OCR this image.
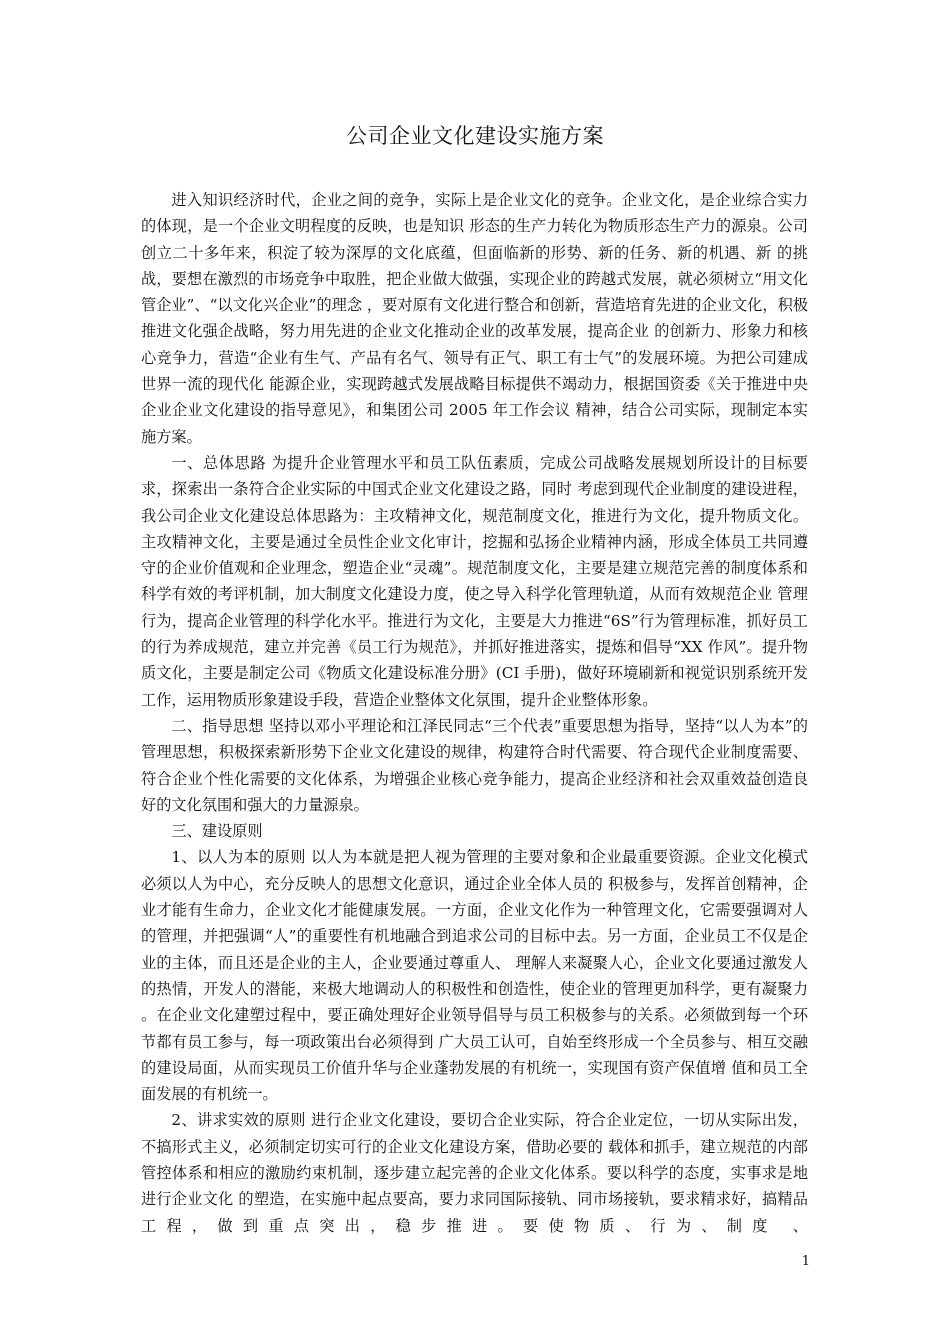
公司企业文化建设实施方案

进入知识经济时代，企业之间的竞争，实际上是企业文化的竞争。企业文化，是企业综合实力的体现，是一个企业文明程度的反映，也是知识 形态的生产力转化为物质形态生产力的源泉。公司创立二十多年来，积淀了较为深厚的文化底蕴，但面临新的形势、新的任务、新的机遇、新 的挑战，要想在激烈的市场竞争中取胜，把企业做大做强，实现企业的跨越式发展，就必须树立“用文化管企业”、“以文化兴企业”的理念 ，要对原有文化进行整合和创新，营造培育先进的企业文化，积极推进文化强企战略，努力用先进的企业文化推动企业的改革发展，提高企业 的创新力、形象力和核心竞争力，营造“企业有生气、产品有名气、领导有正气、职工有士气”的发展环境。为把公司建成世界一流的现代化 能源企业，实现跨越式发展战略目标提供不竭动力，根据国资委《关于推进中央企业企业文化建设的指导意见》，和集团公司 2005 年工作会议 精神，结合公司实际，现制定本实施方案。

一、总体思路 为提升企业管理水平和员工队伍素质，完成公司战略发展规划所设计的目标要求，探索出一条符合企业实际的中国式企业文化建设之路，同时 考虑到现代企业制度的建设进程，我公司企业文化建设总体思路为：主攻精神文化，规范制度文化，推进行为文化，提升物质文化。主攻精神文化，主要是通过全员性企业文化审计，挖掘和弘扬企业精神内涵，形成全体员工共同遵守的企业价值观和企业理念，塑造企业“灵魂”。规范制度文化，主要是建立规范完善的制度体系和科学有效的考评机制，加大制度文化建设力度，使之导入科学化管理轨道，从而有效规范企业 管理行为，提高企业管理的科学化水平。推进行为文化，主要是大力推进“6S”行为管理标准，抓好员工的行为养成规范，建立并完善《员工行为规范》，并抓好推进落实，提炼和倡导“XX 作风”。提升物质文化，主要是制定公司《物质文化建设标准分册》(CI 手册)，做好环境刷新和视觉识别系统开发工作，运用物质形象建设手段，营造企业整体文化氛围，提升企业整体形象。

二、指导思想 坚持以邓小平理论和江泽民同志“三个代表”重要思想为指导，坚持“以人为本”的管理思想，积极探索新形势下企业文化建设的规律，构建符合时代需要、符合现代企业制度需要、符合企业个性化需要的文化体系，为增强企业核心竞争能力，提高企业经济和社会双重效益创造良好的文化氛围和强大的力量源泉。

三、建设原则

1、以人为本的原则 以人为本就是把人视为管理的主要对象和企业最重要资源。企业文化模式必须以人为中心，充分反映人的思想文化意识，通过企业全体人员的 积极参与，发挥首创精神，企业才能有生命力，企业文化才能健康发展。一方面，企业文化作为一种管理文化，它需要强调对人的管理，并把强调“人”的重要性有机地融合到追求公司的目标中去。另一方面，企业员工不仅是企业的主体，而且还是企业的主人，企业要通过尊重人、 理解人来凝聚人心，企业文化要通过激发人的热情，开发人的潜能，来极大地调动人的积极性和创造性，使企业的管理更加科学，更有凝聚力 。在企业文化建塑过程中，要正确处理好企业领导倡导与员工积极参与的关系。必须做到每一个环节都有员工参与，每一项政策出台必须得到 广大员工认可，自始至终形成一个全员参与、相互交融的建设局面，从而实现员工价值升华与企业蓬勃发展的有机统一，实现国有资产保值增 值和员工全面发展的有机统一。

2、讲求实效的原则 进行企业文化建设，要切合企业实际，符合企业定位，一切从实际出发，不搞形式主义，必须制定切实可行的企业文化建设方案，借助必要的 载体和抓手，建立规范的内部管控体系和相应的激励约束机制，逐步建立起完善的企业文化体系。要以科学的态度，实事求是地进行企业文化 的塑造，在实施中起点要高，要力求同国际接轨、同市场接轨，要求精求好，搞精品工程，做到重点突出，稳步推进。要使物质、行为、制度 、

1
